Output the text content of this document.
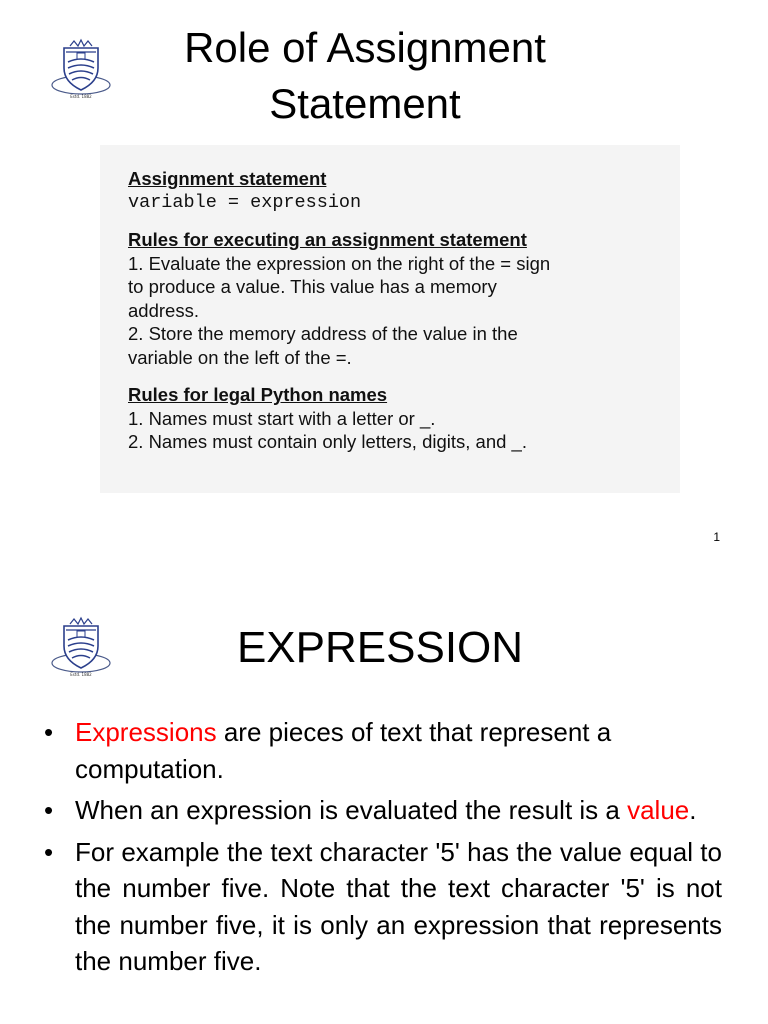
Estd. 1882
Role of Assignment
Statement

Assignment statement

variable = expression

Rules for executing an assignment statement

1. Evaluate the expression on the right of the = sign

to produce a value. This value has a memory

address.

2. Store the memory address of the value in the

variable on the left of the =.

Rules for legal Python names

1. Names must start with a letter or _.

2. Names must contain only letters, digits, and _.

1
Estd. 1882
EXPRESSION
• Expressions are pieces of text that represent a computation.
• When an expression is evaluated the result is a value.
• For example the text character '5' has the value equal to the number five. Note that the text character '5' is not the number five, it is only an expression that represents the number five.
